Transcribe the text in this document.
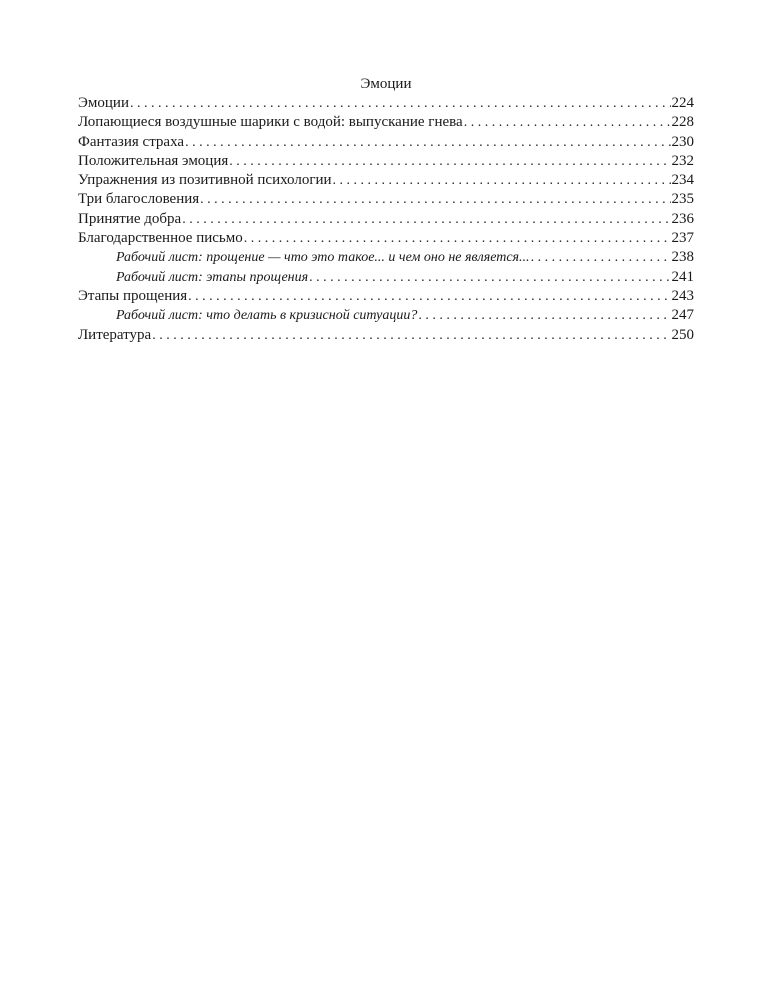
Эмоции
Эмоции . . .	224
Лопающиеся воздушные шарики с водой: выпускание гнева . . .	228
Фантазия страха . . .	230
Положительная эмоция . . .	232
Упражнения из позитивной психологии . . .	234
Три благословения . . .	235
Принятие добра . . .	236
Благодарственное письмо . . .	237
Рабочий лист: прощение — что это такое... и чем оно не является... . . .	238
Рабочий лист: этапы прощения . . .	241
Этапы прощения . . .	243
Рабочий лист: что делать в кризисной ситуации? . . .	247
Литература . . .	250
